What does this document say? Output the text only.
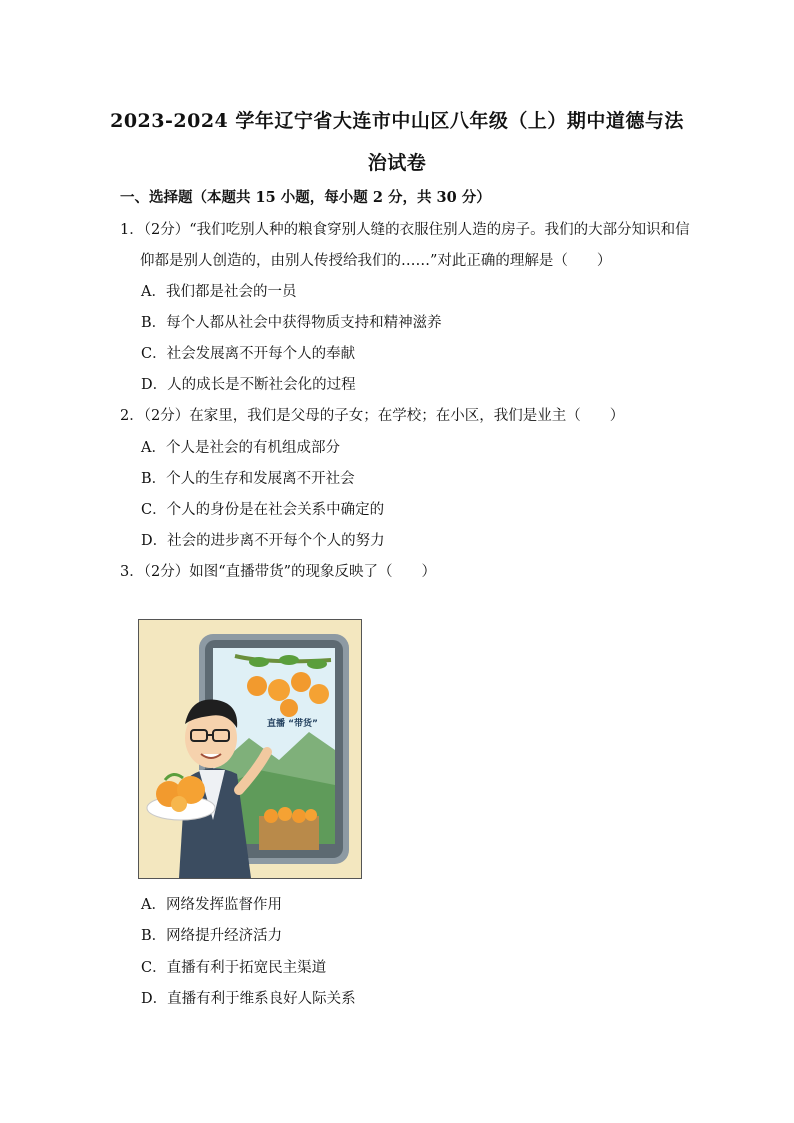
2023-2024 学年辽宁省大连市中山区八年级（上）期中道德与法
治试卷
一、选择题（本题共 15 小题，每小题 2 分，共 30 分）
1．（2分）“我们吃别人种的粮食穿别人缝的衣服住别人造的房子。我们的大部分知识和信
仰都是别人创造的，由别人传授给我们的……”对此正确的理解是（　　）
A．我们都是社会的一员
B．每个人都从社会中获得物质支持和精神滋养
C．社会发展离不开每个人的奉献
D．人的成长是不断社会化的过程
2．（2分）在家里，我们是父母的子女；在学校；在小区，我们是业主（　　）
A．个人是社会的有机组成部分
B．个人的生存和发展离不开社会
C．个人的身份是在社会关系中确定的
D．社会的进步离不开每个个人的努力
3．（2分）如图“直播带货”的现象反映了（　　）
直播 “带货”
A．网络发挥监督作用
B．网络提升经济活力
C．直播有利于拓宽民主渠道
D．直播有利于维系良好人际关系
